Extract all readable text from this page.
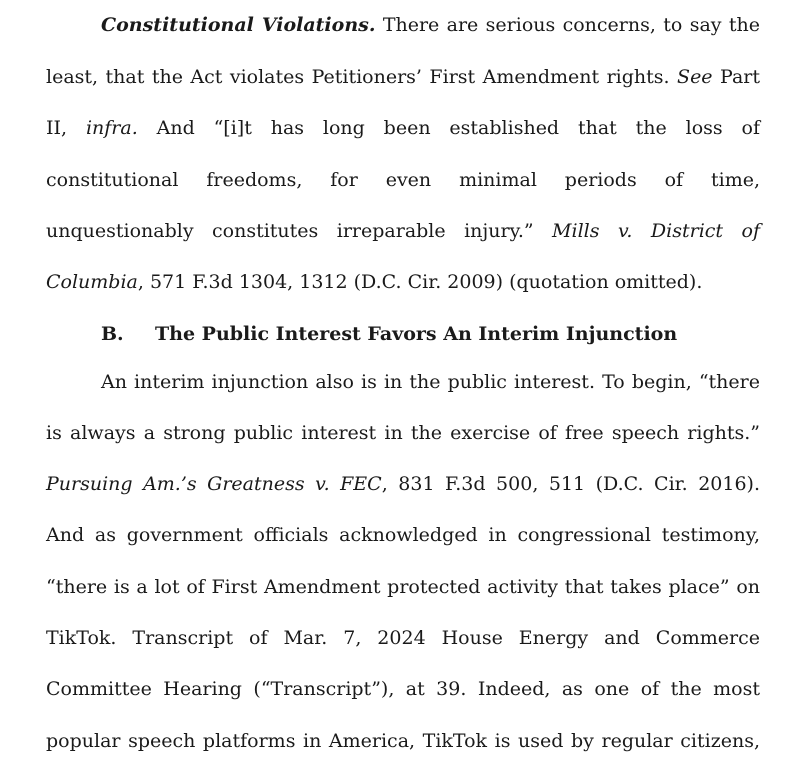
Constitutional Violations. There are serious concerns, to say the
least, that the Act violates Petitioners’ First Amendment rights. See Part
II, infra. And “[i]t has long been established that the loss of
constitutional freedoms, for even minimal periods of time,
unquestionably constitutes irreparable injury.” Mills v. District of
Columbia, 571 F.3d 1304, 1312 (D.C. Cir. 2009) (quotation omitted).
B. The Public Interest Favors An Interim Injunction
An interim injunction also is in the public interest. To begin, “there
is always a strong public interest in the exercise of free speech rights.”
Pursuing Am.’s Greatness v. FEC, 831 F.3d 500, 511 (D.C. Cir. 2016).
And as government officials acknowledged in congressional testimony,
“there is a lot of First Amendment protected activity that takes place” on
TikTok. Transcript of Mar. 7, 2024 House Energy and Commerce
Committee Hearing (“Transcript”), at 39. Indeed, as one of the most
popular speech platforms in America, TikTok is used by regular citizens,
